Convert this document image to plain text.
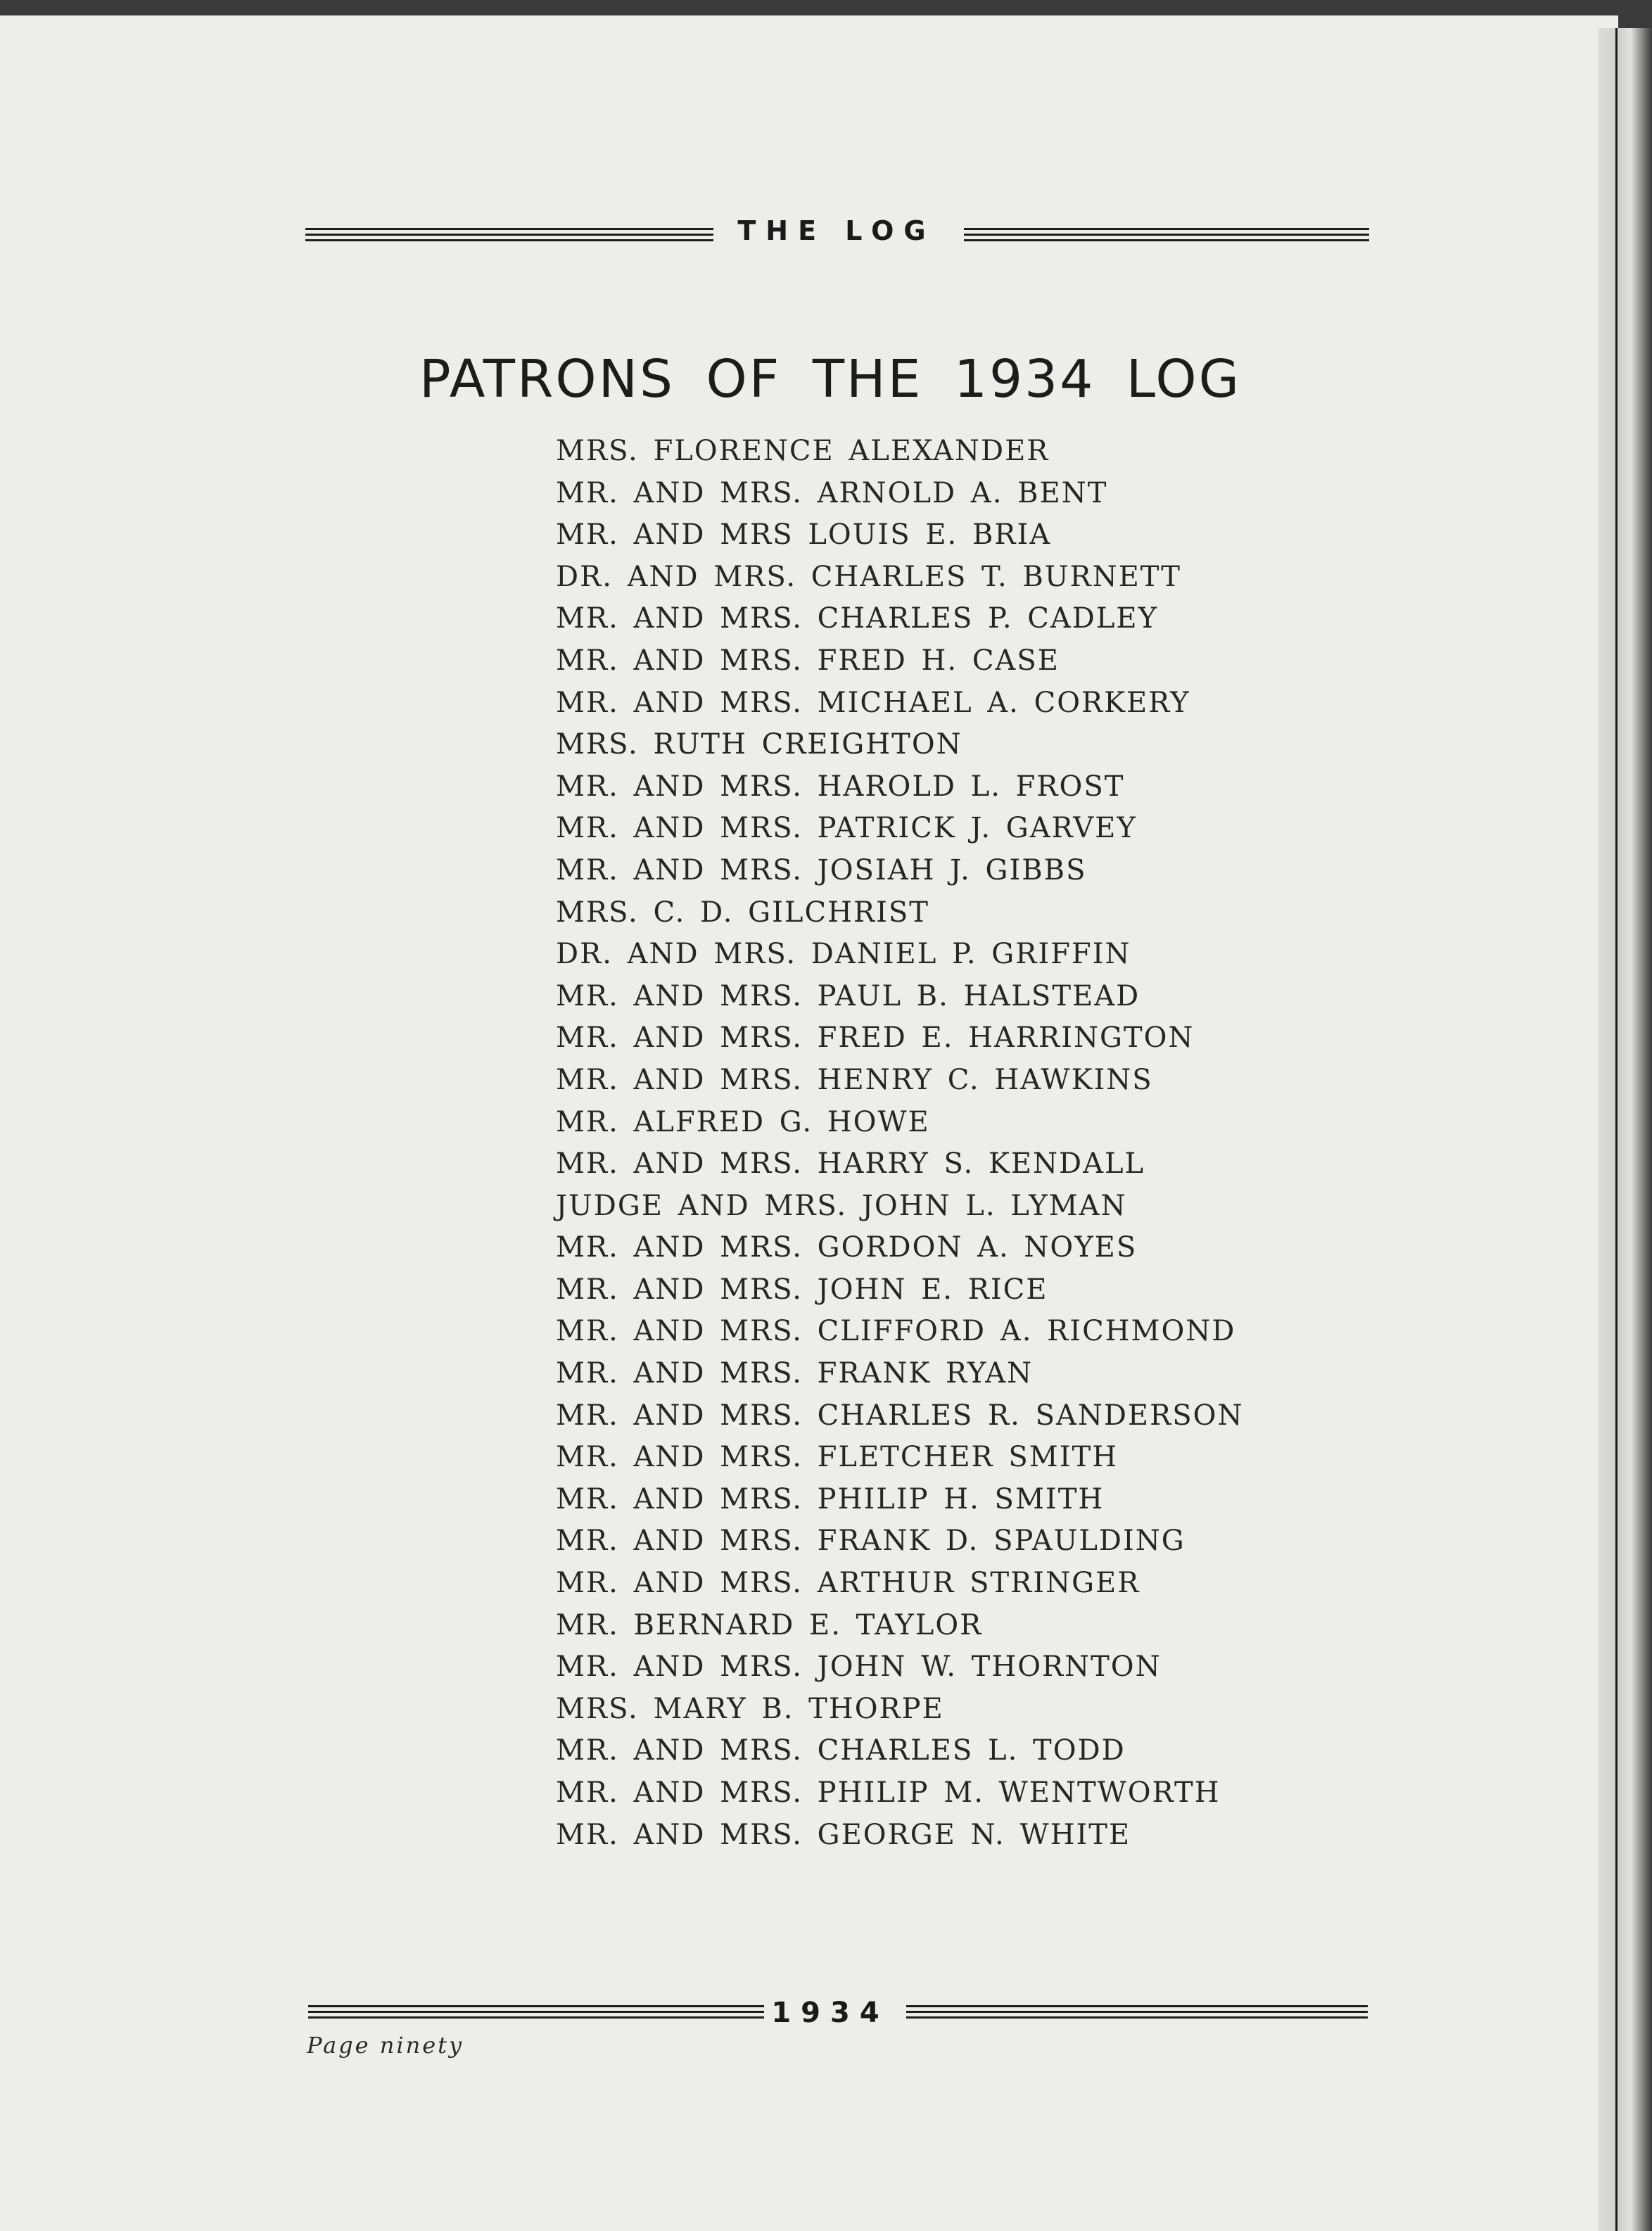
THE LOG
PATRONS OF THE 1934 LOG
MRS. FLORENCE ALEXANDER
MR. AND MRS. ARNOLD A. BENT
MR. AND MRS LOUIS E. BRIA
DR. AND MRS. CHARLES T. BURNETT
MR. AND MRS. CHARLES P. CADLEY
MR. AND MRS. FRED H. CASE
MR. AND MRS. MICHAEL A. CORKERY
MRS. RUTH CREIGHTON
MR. AND MRS. HAROLD L. FROST
MR. AND MRS. PATRICK J. GARVEY
MR. AND MRS. JOSIAH J. GIBBS
MRS. C. D. GILCHRIST
DR. AND MRS. DANIEL P. GRIFFIN
MR. AND MRS. PAUL B. HALSTEAD
MR. AND MRS. FRED E. HARRINGTON
MR. AND MRS. HENRY C. HAWKINS
MR. ALFRED G. HOWE
MR. AND MRS. HARRY S. KENDALL
JUDGE AND MRS. JOHN L. LYMAN
MR. AND MRS. GORDON A. NOYES
MR. AND MRS. JOHN E. RICE
MR. AND MRS. CLIFFORD A. RICHMOND
MR. AND MRS. FRANK RYAN
MR. AND MRS. CHARLES R. SANDERSON
MR. AND MRS. FLETCHER SMITH
MR. AND MRS. PHILIP H. SMITH
MR. AND MRS. FRANK D. SPAULDING
MR. AND MRS. ARTHUR STRINGER
MR. BERNARD E. TAYLOR
MR. AND MRS. JOHN W. THORNTON
MRS. MARY B. THORPE
MR. AND MRS. CHARLES L. TODD
MR. AND MRS. PHILIP M. WENTWORTH
MR. AND MRS. GEORGE N. WHITE
1934
Page ninety
